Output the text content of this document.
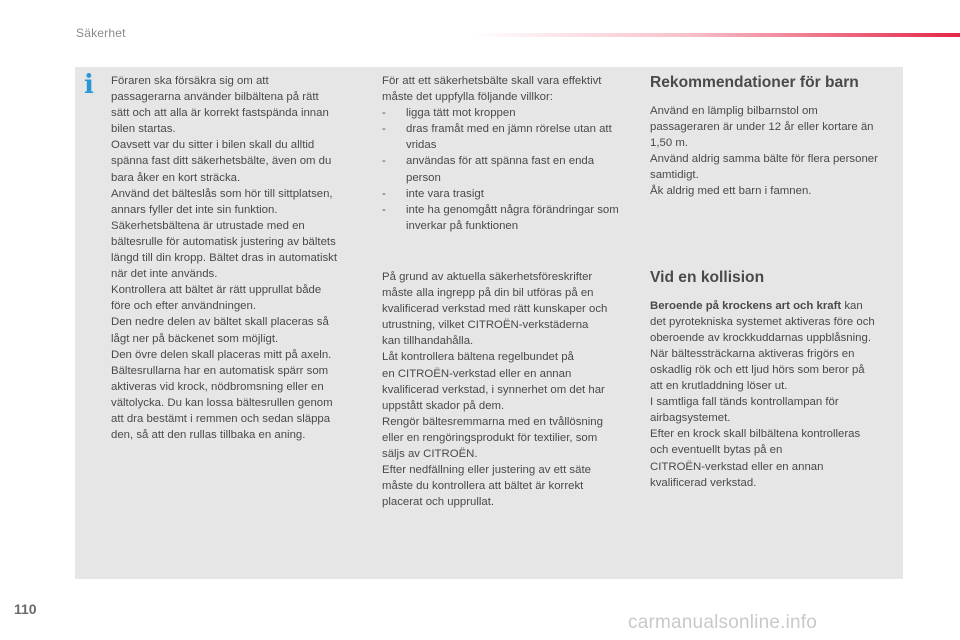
Säkerhet
i Föraren ska försäkra sig om att

passagerarna använder bilbältena på rätt

sätt och att alla är korrekt fastspända innan

bilen startas.

Oavsett var du sitter i bilen skall du alltid

spänna fast ditt säkerhetsbälte, även om du

bara åker en kort sträcka.

Använd det bälteslås som hör till sittplatsen,

annars fyller det inte sin funktion.

Säkerhetsbältena är utrustade med en

bältesrulle för automatisk justering av bältets

längd till din kropp. Bältet dras in automatiskt

när det inte används.

Kontrollera att bältet är rätt upprullat både

före och efter användningen.

Den nedre delen av bältet skall placeras så

lågt ner på bäckenet som möjligt.

Den övre delen skall placeras mitt på axeln.

Bältesrullarna har en automatisk spärr som

aktiveras vid krock, nödbromsning eller en

vältolycka. Du kan lossa bältesrullen genom

att dra bestämt i remmen och sedan släppa

den, så att den rullas tillbaka en aning.

För att ett säkerhetsbälte skall vara effektivt

måste det uppfylla följande villkor:

- ligga tätt mot kroppen
- dras framåt med en jämn rörelse utan att vridas
- användas för att spänna fast en enda person
- inte vara trasigt
- inte ha genomgått några förändringar som inverkar på funktionen

På grund av aktuella säkerhetsföreskrifter

måste alla ingrepp på din bil utföras på en

kvalificerad verkstad med rätt kunskaper och

utrustning, vilket CITROËN-verkstäderna

kan tillhandahålla.

Låt kontrollera bältena regelbundet på

en CITROËN-verkstad eller en annan

kvalificerad verkstad, i synnerhet om det har

uppstått skador på dem.

Rengör bältesremmarna med en tvållösning

eller en rengöringsprodukt för textilier, som

säljs av CITROËN.

Efter nedfällning eller justering av ett säte

måste du kontrollera att bältet är korrekt

placerat och upprullat.

Rekommendationer för barn

Använd en lämplig bilbarnstol om

passageraren är under 12 år eller kortare än

1,50 m.

Använd aldrig samma bälte för flera personer

samtidigt.

Åk aldrig med ett barn i famnen.

Vid en kollision

Beroende på krockens art och kraft kan

det pyrotekniska systemet aktiveras före och

oberoende av krockkuddarnas uppblåsning.

När bältessträckarna aktiveras frigörs en

oskadlig rök och ett ljud hörs som beror på

att en krutladdning löser ut.

I samtliga fall tänds kontrollampan för

airbagsystemet.

Efter en krock skall bilbältena kontrolleras

och eventuellt bytas på en

CITROËN-verkstad eller en annan

kvalificerad verkstad.

110
carmanualsonline.info
